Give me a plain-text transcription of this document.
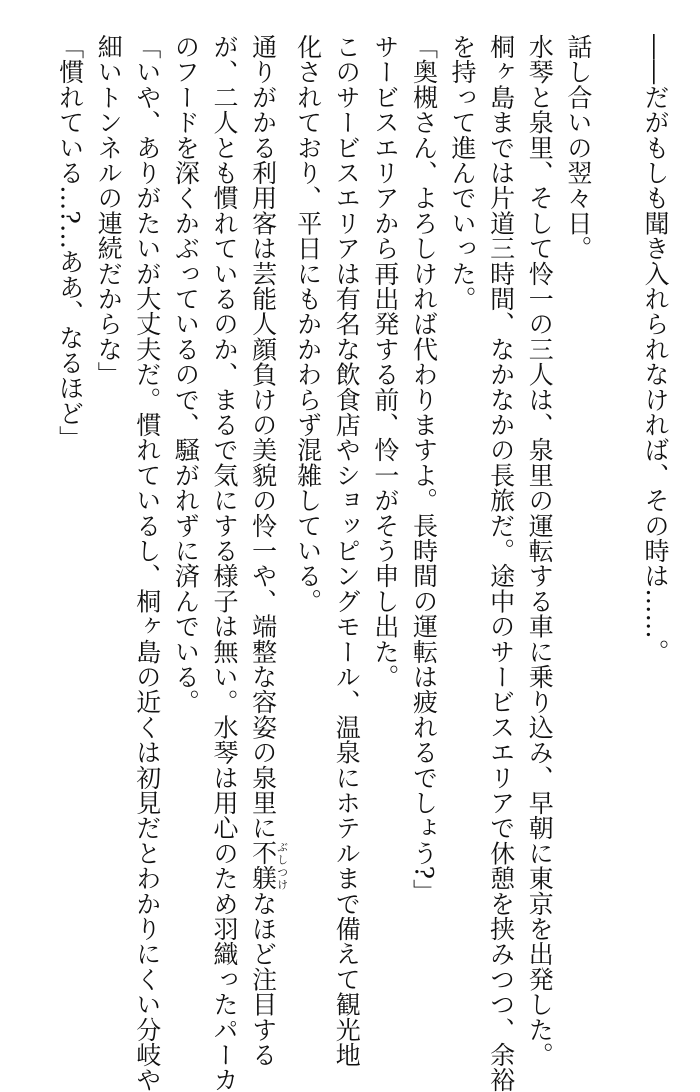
――だがもしも聞き入れられなければ、その時は……。
話し合いの翌々日。
水琴と泉里、そして怜一の三人は、泉里の運転する車に乗り込み、早朝に東京を出発した。
桐ヶ島までは片道三時間、なかなかの長旅だ。途中のサービスエリアで休憩を挟みつつ、余裕
を持って進んでいった。
「奥槻さん、よろしければ代わりますよ。長時間の運転は疲れるでしょう?」
サービスエリアから再出発する前、怜一がそう申し出た。
このサービスエリアは有名な飲食店やショッピングモール、温泉にホテルまで備えて観光地
化されており、平日にもかかわらず混雑している。
通りがかる利用客は芸能人顔負けの美貌の怜一や、端整な容姿の泉里に不躾ぶしつけなほど注目する
が、二人とも慣れているのか、まるで気にする様子は無い。水琴は用心のため羽織ったパーカ
のフードを深くかぶっているので、騒がれずに済んでいる。
「いや、ありがたいが大丈夫だ。慣れているし、桐ヶ島の近くは初見だとわかりにくい分岐や
細いトンネルの連続だからな」
「慣れている…?…ああ、なるほど」
